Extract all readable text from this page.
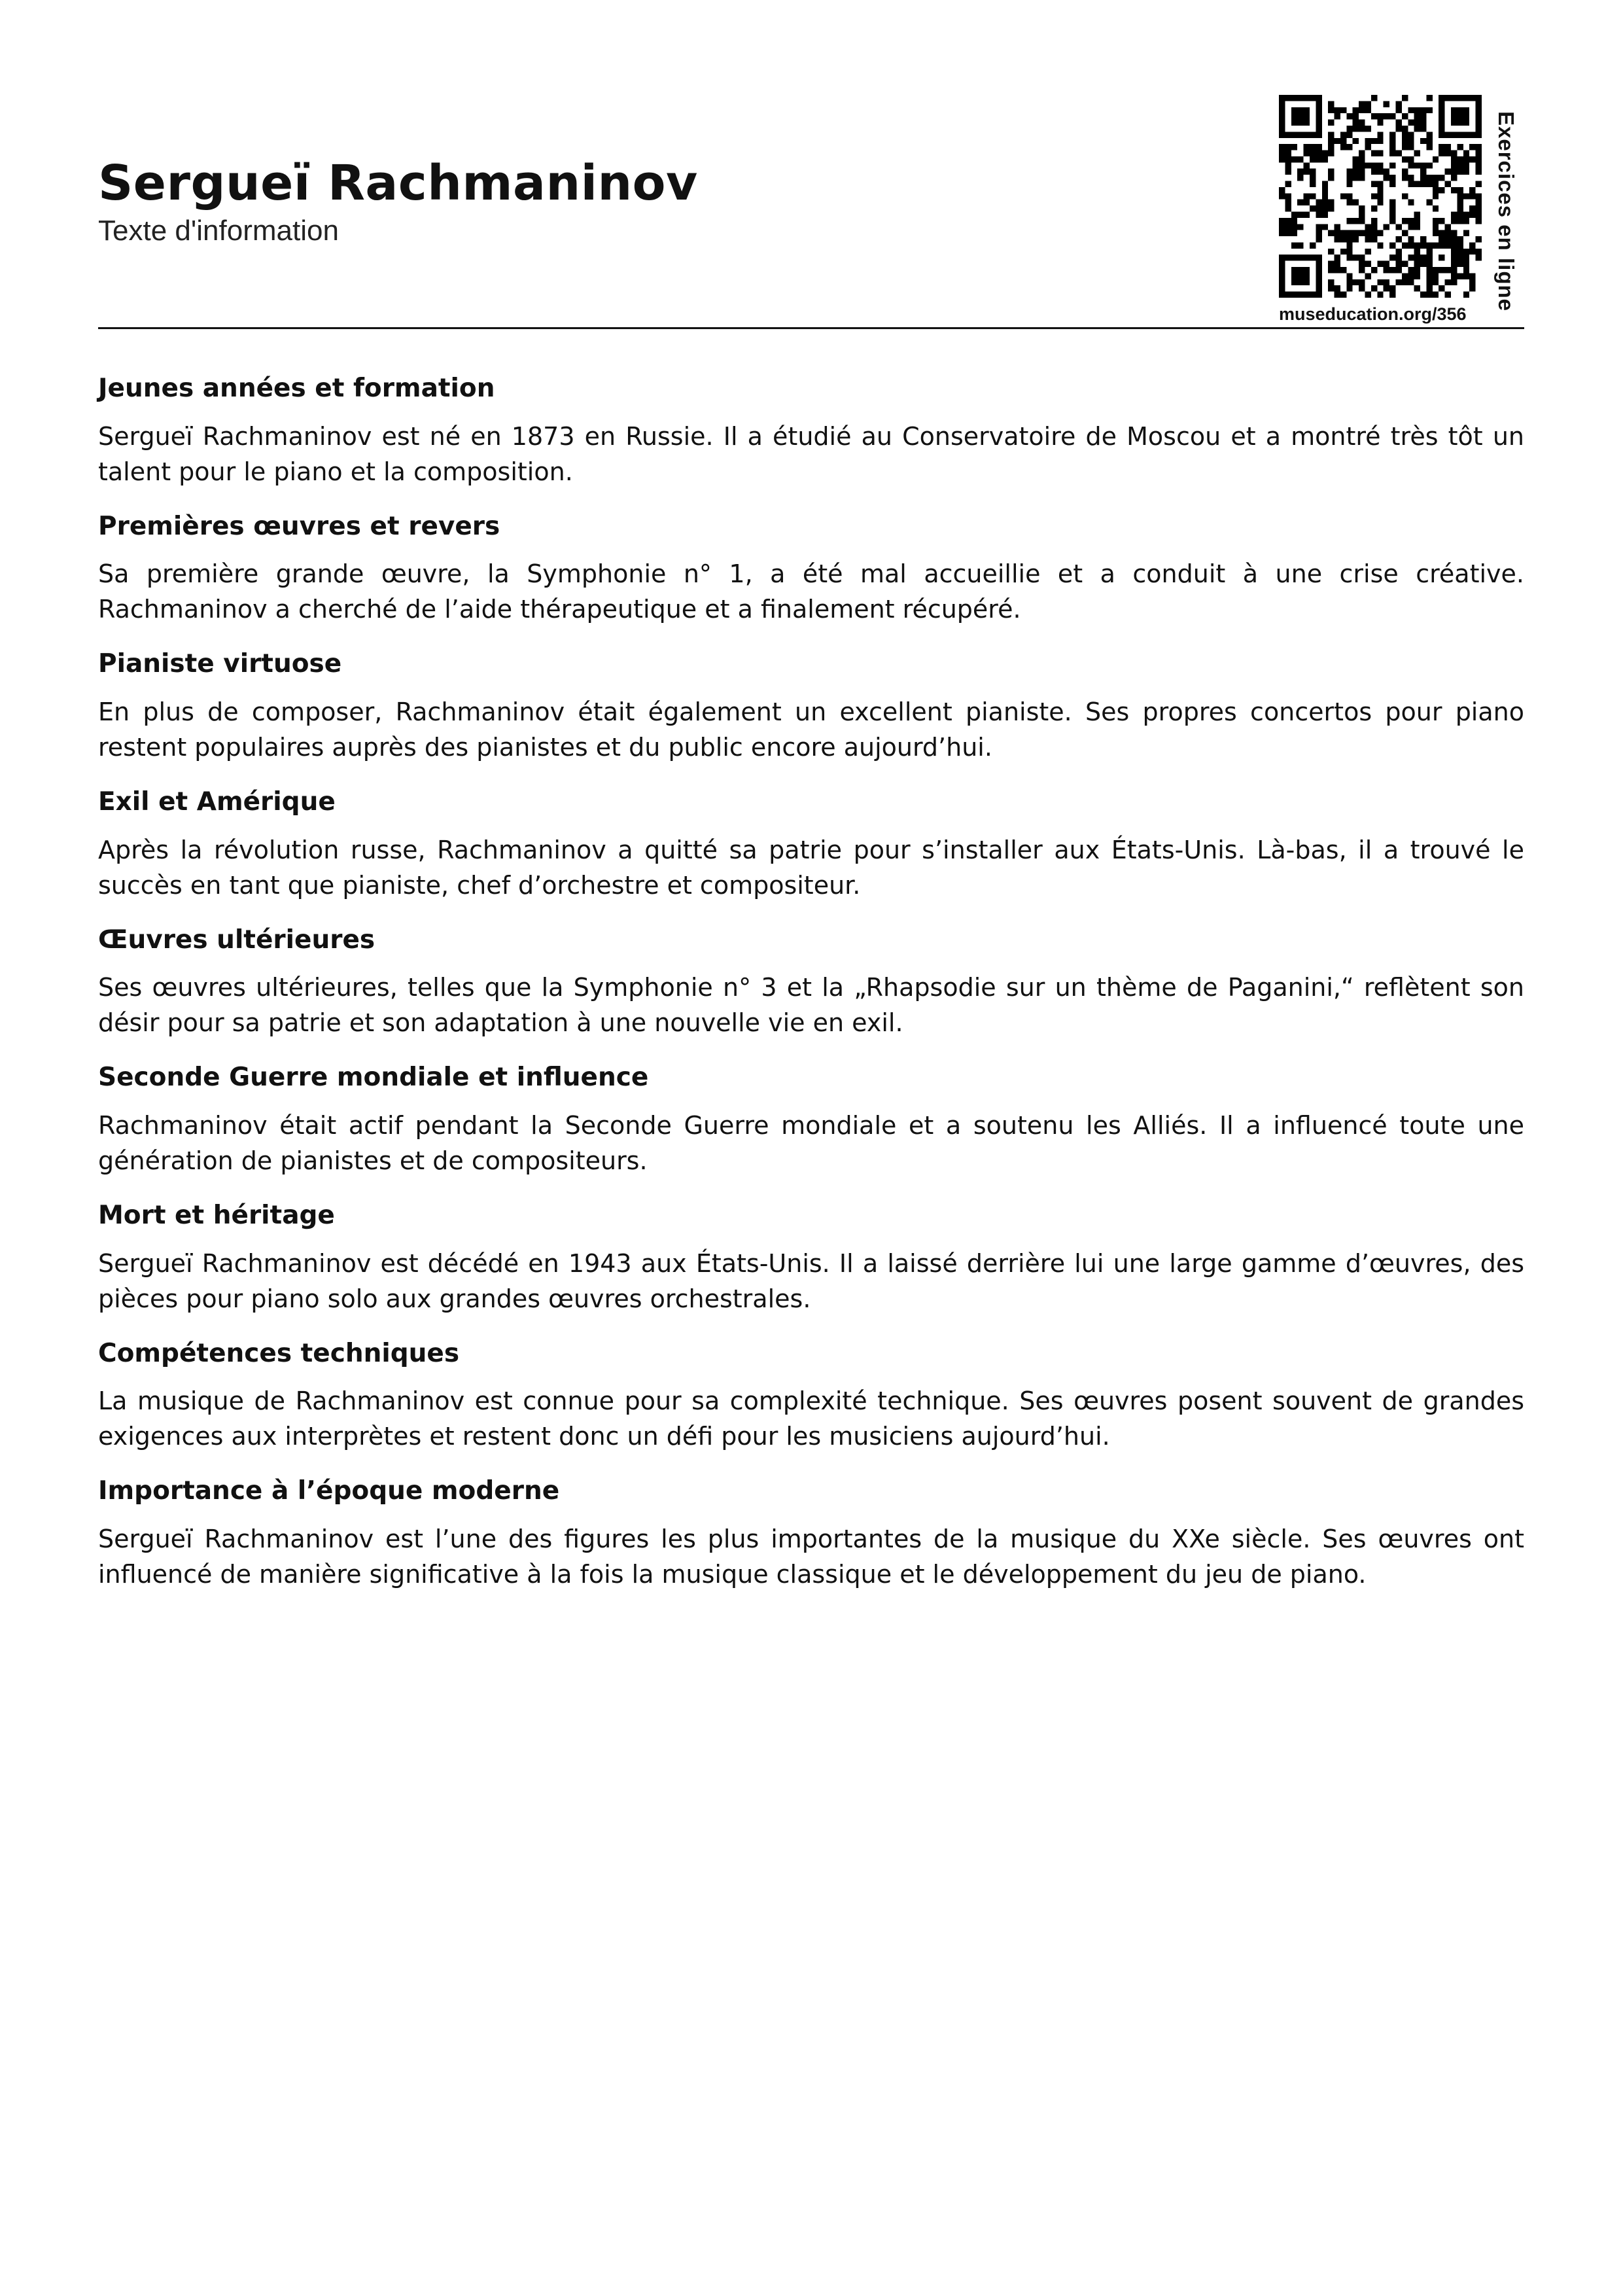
Sergueï Rachmaninov
Texte d'information
museducation.org/356
Exercices en ligne
Jeunes années et formation

Sergueï Rachmaninov est né en 1873 en Russie. Il a étudié au Conservatoire de Moscou et a montré très tôt un talent pour le piano et la composition.

Premières œuvres et revers

Sa première grande œuvre, la Symphonie n° 1, a été mal accueillie et a conduit à une crise créative. Rachmaninov a cherché de l’aide thérapeutique et a finalement récupéré.

Pianiste virtuose

En plus de composer, Rachmaninov était également un excellent pianiste. Ses propres concertos pour piano restent populaires auprès des pianistes et du public encore aujourd’hui.

Exil et Amérique

Après la révolution russe, Rachmaninov a quitté sa patrie pour s’installer aux États-Unis. Là-bas, il a trouvé le succès en tant que pianiste, chef d’orchestre et compositeur.

Œuvres ultérieures

Ses œuvres ultérieures, telles que la Symphonie n° 3 et la „Rhapsodie sur un thème de Paganini,“ reflètent son désir pour sa patrie et son adaptation à une nouvelle vie en exil.

Seconde Guerre mondiale et influence

Rachmaninov était actif pendant la Seconde Guerre mondiale et a soutenu les Alliés. Il a influencé toute une génération de pianistes et de compositeurs.

Mort et héritage

Sergueï Rachmaninov est décédé en 1943 aux États-Unis. Il a laissé derrière lui une large gamme d’œuvres, des pièces pour piano solo aux grandes œuvres orchestrales.

Compétences techniques

La musique de Rachmaninov est connue pour sa complexité technique. Ses œuvres posent souvent de grandes exigences aux interprètes et restent donc un défi pour les musiciens aujourd’hui.

Importance à l’époque moderne

Sergueï Rachmaninov est l’une des figures les plus importantes de la musique du XXe siècle. Ses œuvres ont influencé de manière significative à la fois la musique classique et le développement du jeu de piano.
